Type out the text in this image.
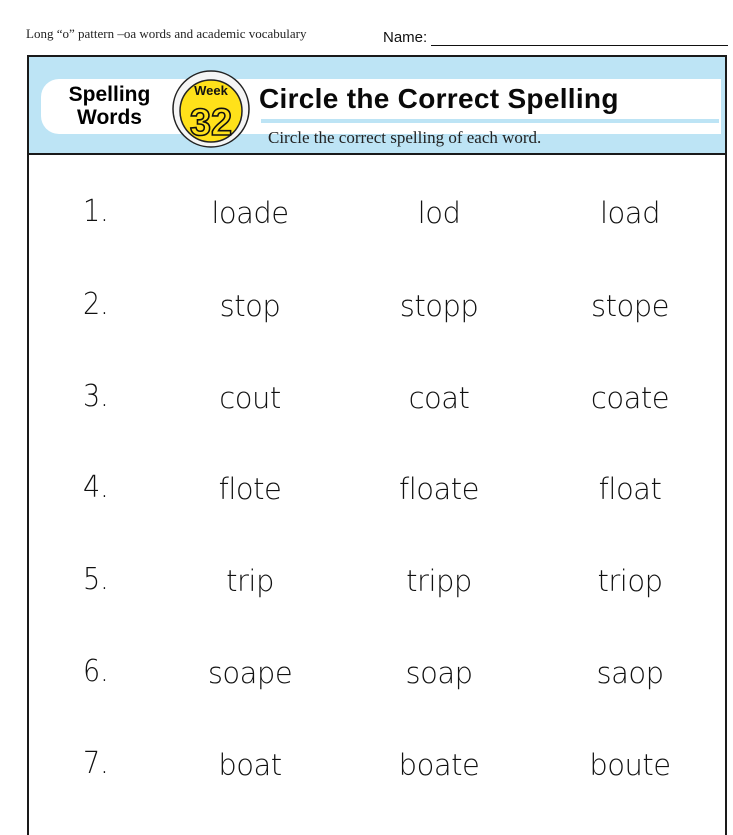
Long “o” pattern –oa words and academic vocabulary	Name:
Spelling
Words
Week
32
Circle the Correct Spelling
Circle the correct spelling of each word.
1.	loade	lod	load
2.	stop	stopp	stope
3.	cout	coat	coate
4.	flote	floate	float
5.	trip	tripp	triop
6.	soape	soap	saop
7.	boat	boate	boute
